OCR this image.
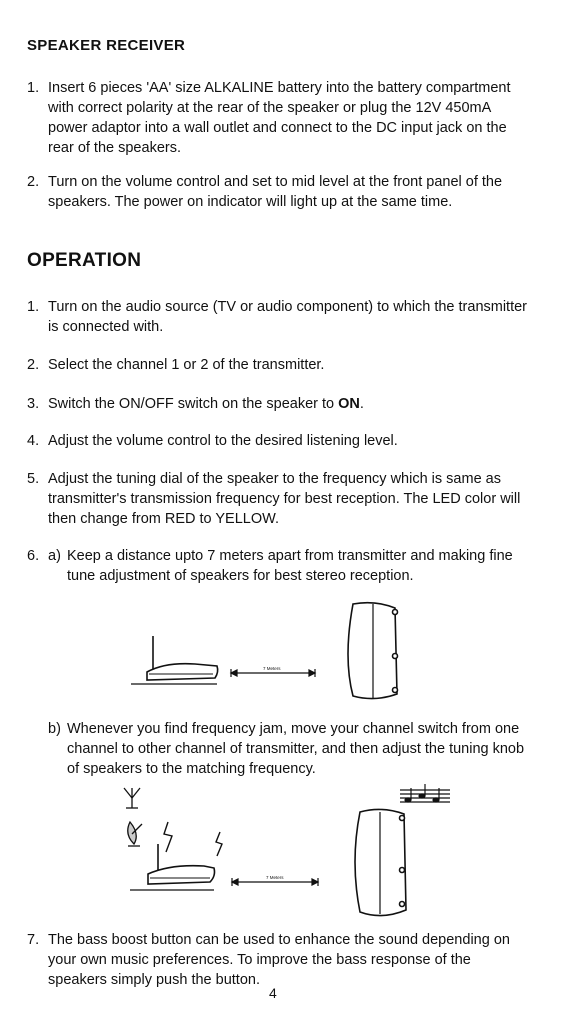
SPEAKER RECEIVER
1. Insert 6 pieces 'AA' size ALKALINE battery into the battery compartment with correct polarity at the rear of the speaker or plug the 12V 450mA power adaptor into a wall outlet and connect to the DC input jack on the rear of the speakers.
2. Turn on the volume control and set to mid level at the front panel of the speakers. The power on indicator will light up at the same time.
OPERATION
1. Turn on the audio source (TV or audio component) to which the transmitter is connected with.
2. Select the channel 1 or 2 of the transmitter.
3. Switch the ON/OFF switch on the speaker to ON.
4. Adjust the volume control to the desired listening level.
5. Adjust the tuning dial of the speaker to the frequency which is same as transmitter's transmission frequency for best reception. The LED color will then change from RED to YELLOW.
6. a) Keep a distance upto 7 meters apart from transmitter and making fine tune adjustment of speakers for best stereo reception.
7 Meters
b) Whenever you find frequency jam, move your channel switch from one channel to other channel of transmitter, and then adjust the tuning knob of speakers to the matching frequency.
7 Meters
7. The bass boost button can be used to enhance the sound depending on your own music preferences. To improve the bass response of the speakers simply push the button.
4
